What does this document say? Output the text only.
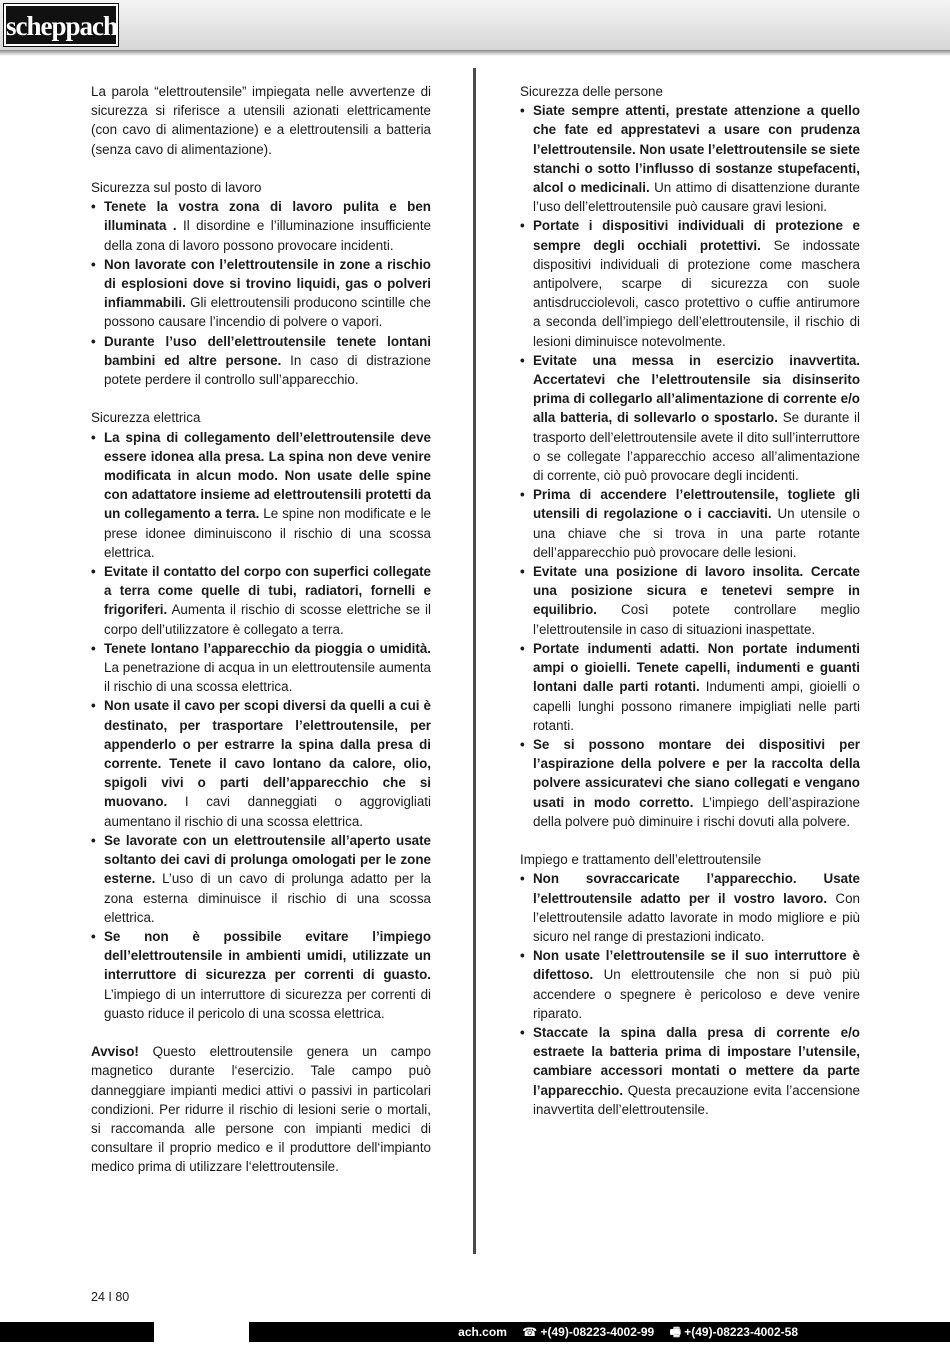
scheppach

La parola “elettroutensile” impiegata nelle avvertenze di sicurezza si riferisce a utensili azionati elettricamente (con cavo di alimentazione) e a elettroutensili a batteria (senza cavo di alimentazione).

Sicurezza sul posto di lavoro
• Tenete la vostra zona di lavoro pulita e ben illuminata . Il disordine e l’illuminazione insufficiente della zona di lavoro possono provocare incidenti.
• Non lavorate con l’elettroutensile in zone a rischio di esplosioni dove si trovino liquidi, gas o polveri infiammabili. Gli elettroutensili producono scintille che possono causare l’incendio di polvere o vapori.
• Durante l’uso dell’elettroutensile tenete lontani bambini ed altre persone. In caso di distrazione potete perdere il controllo sull’apparecchio.
Sicurezza elettrica
• La spina di collegamento dell’elettroutensile deve essere idonea alla presa. La spina non deve venire modificata in alcun modo. Non usate delle spine con adattatore insieme ad elettroutensili protetti da un collegamento a terra. Le spine non modificate e le prese idonee diminuiscono il rischio di una scossa elettrica.
• Evitate il contatto del corpo con superfici collegate a terra come quelle di tubi, radiatori, fornelli e frigoriferi. Aumenta il rischio di scosse elettriche se il corpo dell’utilizzatore è collegato a terra.
• Tenete lontano l’apparecchio da pioggia o umidità. La penetrazione di acqua in un elettroutensile aumenta il rischio di una scossa elettrica.
• Non usate il cavo per scopi diversi da quelli a cui è destinato, per trasportare l’elettroutensile, per appenderlo o per estrarre la spina dalla presa di corrente. Tenete il cavo lontano da calore, olio, spigoli vivi o parti dell’apparecchio che si muovano. I cavi danneggiati o aggrovigliati aumentano il rischio di una scossa elettrica.
• Se lavorate con un elettroutensile all’aperto usate soltanto dei cavi di prolunga omologati per le zone esterne. L’uso di un cavo di prolunga adatto per la zona esterna diminuisce il rischio di una scossa elettrica.
• Se non è possibile evitare l’impiego dell’elettroutensile in ambienti umidi, utilizzate un interruttore di sicurezza per correnti di guasto. L’impiego di un interruttore di sicurezza per correnti di guasto riduce il pericolo di una scossa elettrica.

Avviso! Questo elettroutensile genera un campo magnetico durante l‘esercizio. Tale campo può danneggiare impianti medici attivi o passivi in particolari condizioni. Per ridurre il rischio di lesioni serie o mortali, si raccomanda alle persone con impianti medici di consultare il proprio medico e il produttore dell‘impianto medico prima di utilizzare l‘elettroutensile.

Sicurezza delle persone
• Siate sempre attenti, prestate attenzione a quello che fate ed apprestatevi a usare con prudenza l’elettroutensile. Non usate l’elettroutensile se siete stanchi o sotto l’influsso di sostanze stupefacenti, alcol o medicinali. Un attimo di disattenzione durante l’uso dell’elettroutensile può causare gravi lesioni.
• Portate i dispositivi individuali di protezione e sempre degli occhiali protettivi. Se indossate dispositivi individuali di protezione come maschera antipolvere, scarpe di sicurezza con suole antisdrucciolevoli, casco protettivo o cuffie antirumore a seconda dell’impiego dell’elettroutensile, il rischio di lesioni diminuisce notevolmente.
• Evitate una messa in esercizio inavvertita. Accertatevi che l’elettroutensile sia disinserito prima di collegarlo all’alimentazione di corrente e/o alla batteria, di sollevarlo o spostarlo. Se durante il trasporto dell’elettroutensile avete il dito sull’interruttore o se collegate l’apparecchio acceso all’alimentazione di corrente, ciò può provocare degli incidenti.
• Prima di accendere l’elettroutensile, togliete gli utensili di regolazione o i cacciaviti. Un utensile o una chiave che si trova in una parte rotante dell’apparecchio può provocare delle lesioni.
• Evitate una posizione di lavoro insolita. Cercate una posizione sicura e tenetevi sempre in equilibrio. Così potete controllare meglio l’elettroutensile in caso di situazioni inaspettate.
• Portate indumenti adatti. Non portate indumenti ampi o gioielli. Tenete capelli, indumenti e guanti lontani dalle parti rotanti. Indumenti ampi, gioielli o capelli lunghi possono rimanere impigliati nelle parti rotanti.
• Se si possono montare dei dispositivi per l’aspirazione della polvere e per la raccolta della polvere assicuratevi che siano collegati e vengano usati in modo corretto. L’impiego dell’aspirazione della polvere può diminuire i rischi dovuti alla polvere.
Impiego e trattamento dell’elettroutensile
• Non sovraccaricate l’apparecchio. Usate l’elettroutensile adatto per il vostro lavoro. Con l’elettroutensile adatto lavorate in modo migliore e più sicuro nel range di prestazioni indicato.
• Non usate l’elettroutensile se il suo interruttore è difettoso. Un elettroutensile che non si può più accendere o spegnere è pericoloso e deve venire riparato.
• Staccate la spina dalla presa di corrente e/o estraete la batteria prima di impostare l’utensile, cambiare accessori montati o mettere da parte l’apparecchio. Questa precauzione evita l’accensione inavvertita dell’elettroutensile.
24 I 80
ach.com ☎ +(49)-08223-4002-99 🖷 +(49)-08223-4002-58
